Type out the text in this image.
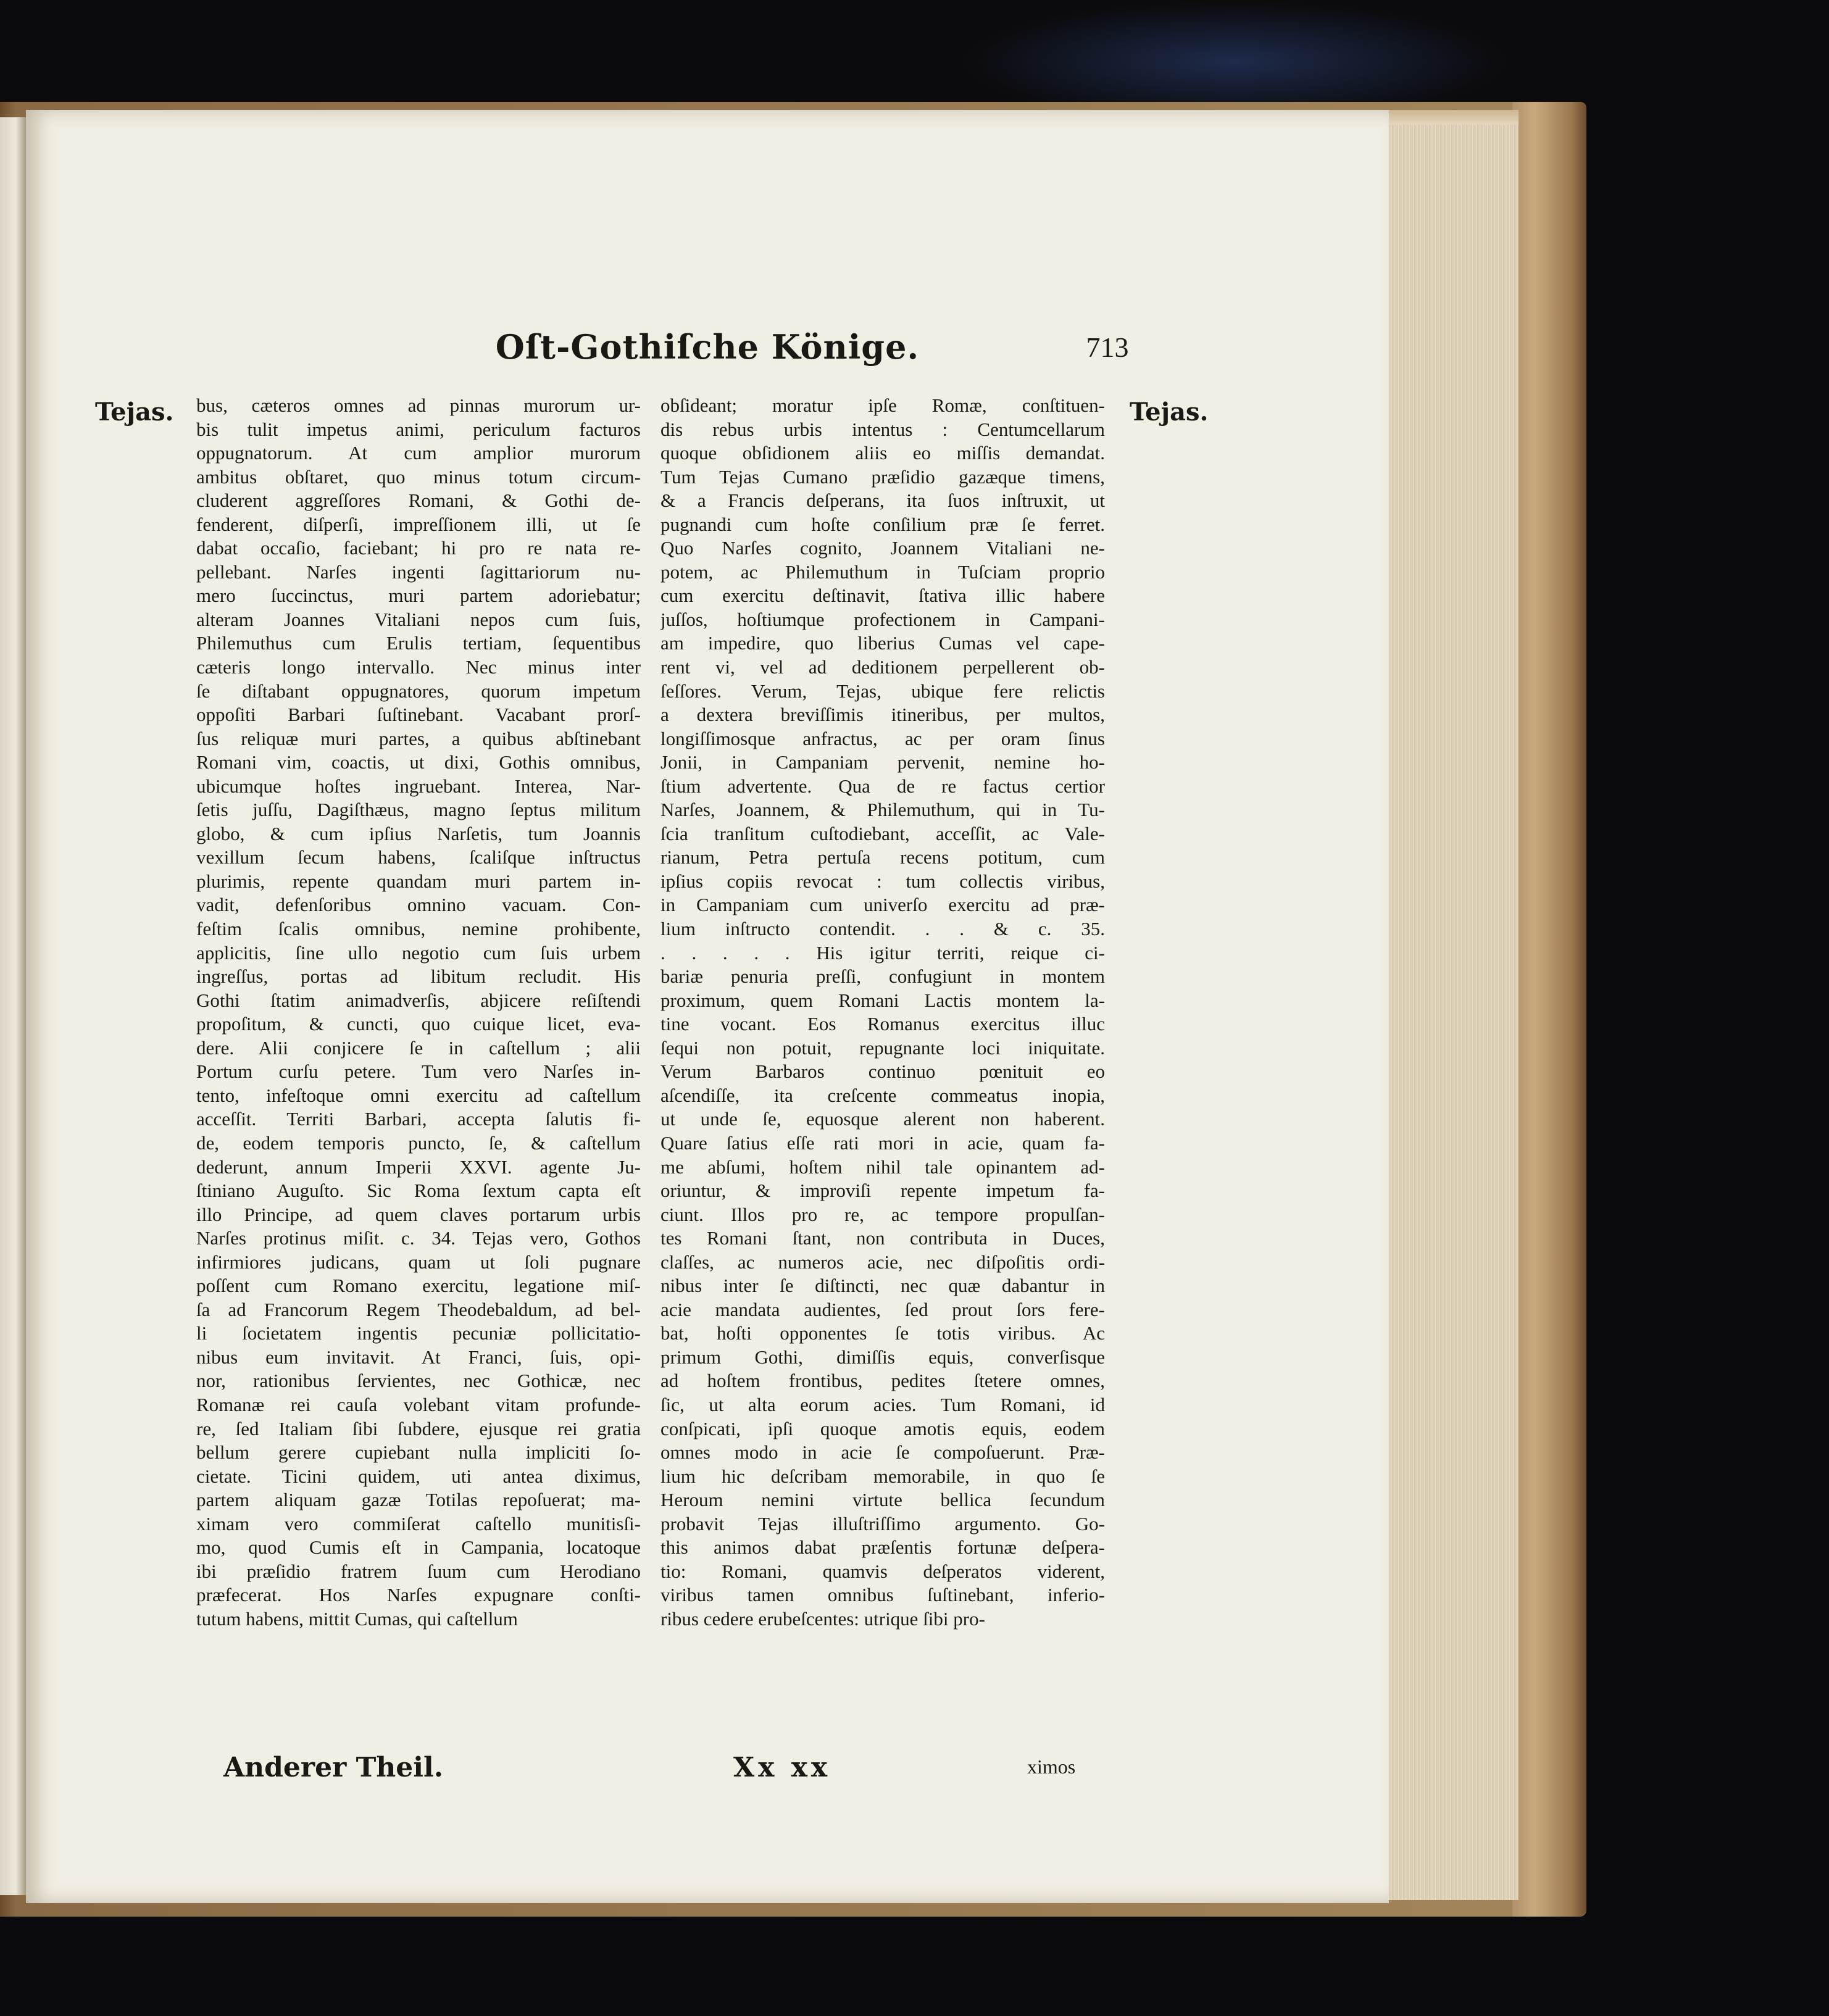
Oſt-Gothiſche Könige.	713
Tejas.	Tejas.
bus, cæteros omnes ad pinnas murorum ur-
bis tulit impetus animi, periculum facturos
oppugnatorum. At cum amplior murorum
ambitus obſtaret, quo minus totum circum-
cluderent aggreſſores Romani, & Gothi de-
fenderent, diſperſi, impreſſionem illi, ut ſe
dabat occaſio, faciebant; hi pro re nata re-
pellebant. Narſes ingenti ſagittariorum nu-
mero ſuccinctus, muri partem adoriebatur;
alteram Joannes Vitaliani nepos cum ſuis,
Philemuthus cum Erulis tertiam, ſequentibus
cæteris longo intervallo. Nec minus inter
ſe diſtabant oppugnatores, quorum impetum
oppoſiti Barbari ſuſtinebant. Vacabant prorſ-
ſus reliquæ muri partes, a quibus abſtinebant
Romani vim, coactis, ut dixi, Gothis omnibus,
ubicumque hoſtes ingruebant. Interea, Nar-
ſetis juſſu, Dagiſthæus, magno ſeptus militum
globo, & cum ipſius Narſetis, tum Joannis
vexillum ſecum habens, ſcaliſque inſtructus
plurimis, repente quandam muri partem in-
vadit, defenſoribus omnino vacuam. Con-
feſtim ſcalis omnibus, nemine prohibente,
applicitis, ſine ullo negotio cum ſuis urbem
ingreſſus, portas ad libitum recludit. His
Gothi ſtatim animadverſis, abjicere reſiſtendi
propoſitum, & cuncti, quo cuique licet, eva-
dere. Alii conjicere ſe in caſtellum ; alii
Portum curſu petere. Tum vero Narſes in-
tento, infeſtoque omni exercitu ad caſtellum
acceſſit. Territi Barbari, accepta ſalutis fi-
de, eodem temporis puncto, ſe, & caſtellum
dederunt, annum Imperii XXVI. agente Ju-
ſtiniano Auguſto. Sic Roma ſextum capta eſt
illo Principe, ad quem claves portarum urbis
Narſes protinus miſit. c. 34. Tejas vero, Gothos
infirmiores judicans, quam ut ſoli pugnare
poſſent cum Romano exercitu, legatione miſ-
ſa ad Francorum Regem Theodebaldum, ad bel-
li ſocietatem ingentis pecuniæ pollicitatio-
nibus eum invitavit. At Franci, ſuis, opi-
nor, rationibus ſervientes, nec Gothicæ, nec
Romanæ rei cauſa volebant vitam profunde-
re, ſed Italiam ſibi ſubdere, ejusque rei gratia
bellum gerere cupiebant nulla impliciti ſo-
cietate. Ticini quidem, uti antea diximus,
partem aliquam gazæ Totilas repoſuerat; ma-
ximam vero commiſerat caſtello munitisſi-
mo, quod Cumis eſt in Campania, locatoque
ibi præſidio fratrem ſuum cum Herodiano
præfecerat. Hos Narſes expugnare conſti-
tutum habens, mittit Cumas, qui caſtellum
obſideant; moratur ipſe Romæ, conſtituen-
dis rebus urbis intentus : Centumcellarum
quoque obſidionem aliis eo miſſis demandat.
Tum Tejas Cumano præſidio gazæque timens,
& a Francis deſperans, ita ſuos inſtruxit, ut
pugnandi cum hoſte conſilium præ ſe ferret.
Quo Narſes cognito, Joannem Vitaliani ne-
potem, ac Philemuthum in Tuſciam proprio
cum exercitu deſtinavit, ſtativa illic habere
juſſos, hoſtiumque profectionem in Campani-
am impedire, quo liberius Cumas vel cape-
rent vi, vel ad deditionem perpellerent ob-
ſeſſores. Verum, Tejas, ubique fere relictis
a dextera breviſſimis itineribus, per multos,
longiſſimosque anfractus, ac per oram ſinus
Jonii, in Campaniam pervenit, nemine ho-
ſtium advertente. Qua de re factus certior
Narſes, Joannem, & Philemuthum, qui in Tu-
ſcia tranſitum cuſtodiebant, acceſſit, ac Vale-
rianum, Petra pertuſa recens potitum, cum
ipſius copiis revocat : tum collectis viribus,
in Campaniam cum univerſo exercitu ad præ-
lium inſtructo contendit. . . & c. 35.
. . . . . His igitur territi, reique ci-
bariæ penuria preſſi, confugiunt in montem
proximum, quem Romani Lactis montem la-
tine vocant. Eos Romanus exercitus illuc
ſequi non potuit, repugnante loci iniquitate.
Verum Barbaros continuo pœnituit eo
aſcendiſſe, ita creſcente commeatus inopia,
ut unde ſe, equosque alerent non haberent.
Quare ſatius eſſe rati mori in acie, quam fa-
me abſumi, hoſtem nihil tale opinantem ad-
oriuntur, & improviſi repente impetum fa-
ciunt. Illos pro re, ac tempore propulſan-
tes Romani ſtant, non contributa in Duces,
claſſes, ac numeros acie, nec diſpoſitis ordi-
nibus inter ſe diſtincti, nec quæ dabantur in
acie mandata audientes, ſed prout ſors fere-
bat, hoſti opponentes ſe totis viribus. Ac
primum Gothi, dimiſſis equis, converſisque
ad hoſtem frontibus, pedites ſtetere omnes,
ſic, ut alta eorum acies. Tum Romani, id
conſpicati, ipſi quoque amotis equis, eodem
omnes modo in acie ſe compoſuerunt. Præ-
lium hic deſcribam memorabile, in quo ſe
Heroum nemini virtute bellica ſecundum
probavit Tejas illuſtriſſimo argumento. Go-
this animos dabat præſentis fortunæ deſpera-
tio: Romani, quamvis deſperatos viderent,
viribus tamen omnibus ſuſtinebant, inferio-
ribus cedere erubeſcentes: utrique ſibi pro-
Anderer Theil.	Xx xx	ximos
